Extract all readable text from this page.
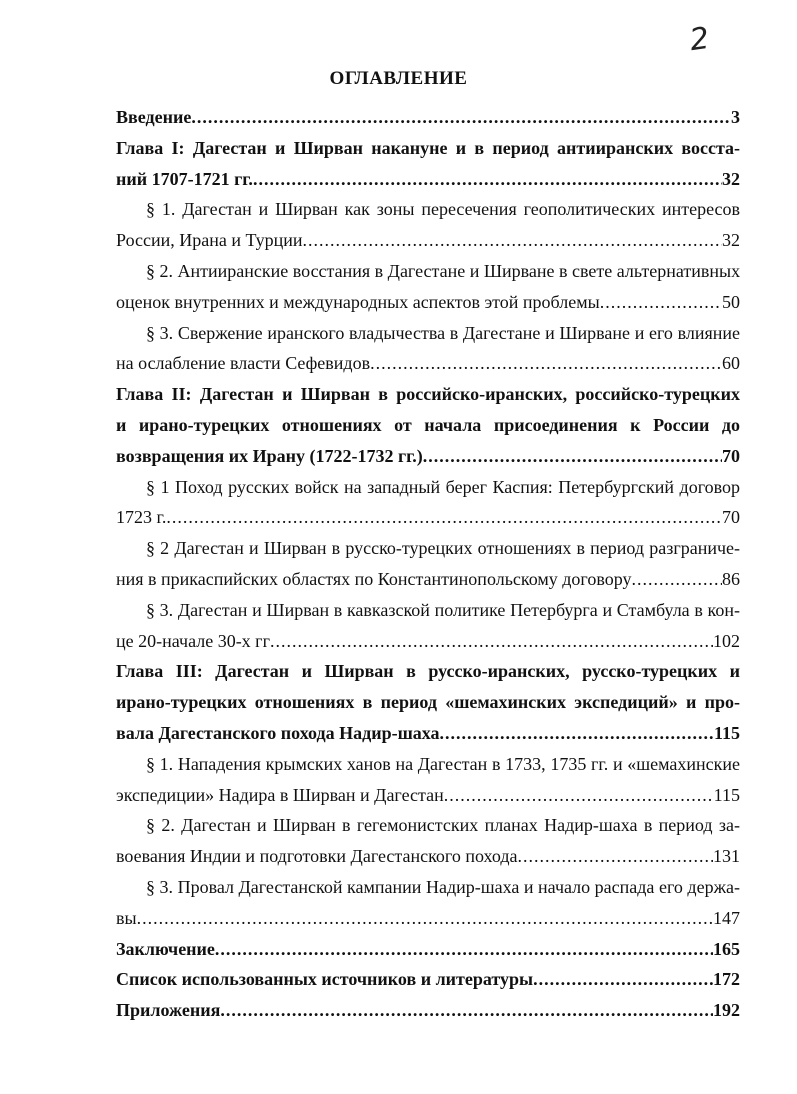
2
ОГЛАВЛЕНИЕ
Введение .....	3
Глава I: Дагестан и Ширван накануне и в период антииранских восста-
ний 1707-1721 гг. .....	32
§ 1. Дагестан и Ширван как зоны пересечения геополитических интересов
России, Ирана и Турции .....	32
§ 2. Антииранские восстания в Дагестане и Ширване в свете альтернативных
оценок внутренних и международных аспектов этой проблемы .....	50
§ 3. Свержение иранского владычества в Дагестане и Ширване и его влияние
на ослабление власти Сефевидов .....	60
Глава II: Дагестан и Ширван в российско-иранских, российско-турецких
и ирано-турецких отношениях от начала присоединения к России до
возвращения их Ирану (1722-1732 гг.) .....	70
§ 1 Поход русских войск на западный берег Каспия: Петербургский договор
1723 г. .....	70
§ 2 Дагестан и Ширван в русско-турецких отношениях в период разграниче-
ния в прикаспийских областях по Константинопольскому договору .....	86
§ 3. Дагестан и Ширван в кавказской политике Петербурга и Стамбула в кон-
це 20-начале 30-х гг .....	102
Глава III: Дагестан и Ширван в русско-иранских, русско-турецких и
ирано-турецких отношениях в период «шемахинских экспедиций» и про-
вала Дагестанского похода Надир-шаха .....	115
§ 1. Нападения крымских ханов на Дагестан в 1733, 1735 гг. и «шемахинские
экспедиции» Надира в Ширван и Дагестан .....	115
§ 2. Дагестан и Ширван в гегемонистских планах Надир-шаха в период за-
воевания Индии и подготовки Дагестанского похода .....	131
§ 3. Провал Дагестанской кампании Надир-шаха и начало распада его держа-
вы .....	147
Заключение .....	165
Список использованных источников и литературы .....	172
Приложения .....	192
